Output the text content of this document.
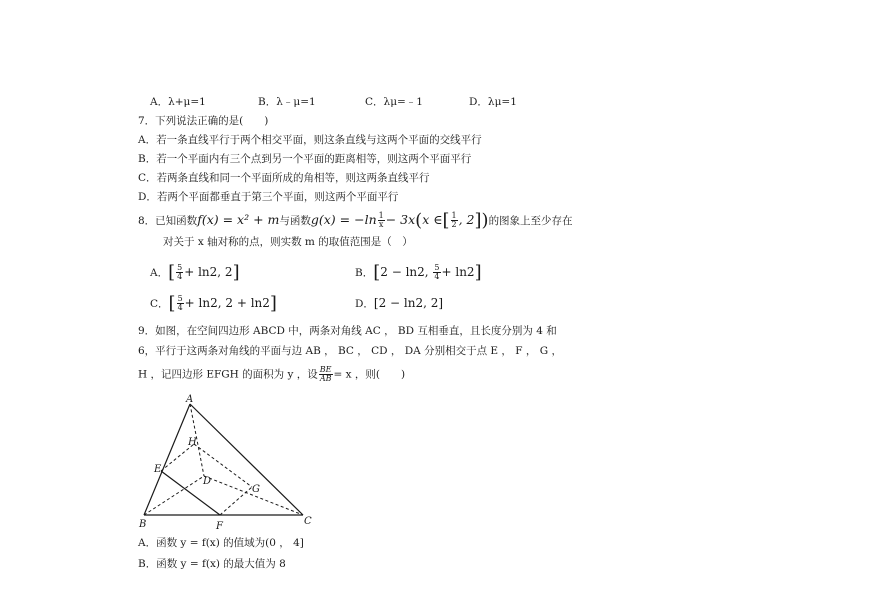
A．λ+μ=1	B．λ﹣μ=1	C．λμ=﹣1	D．λμ=1
7．下列说法正确的是(　　)
A．若一条直线平行于两个相交平面，则这条直线与这两个平面的交线平行
B．若一个平面内有三个点到另一个平面的距离相等，则这两个平面平行
C．若两条直线和同一个平面所成的角相等，则这两条直线平行
D．若两个平面都垂直于第三个平面，则这两个平面平行
8．已知函数f(x) = x² + m与函数$g(x) = -\ln \frac{1}{x} - 3x(x$ ∈[ $\frac{1}{2}$ , 2])的图象上至少存在
对关于 x 轴对称的点，则实数 m 的取值范围是（　）
A．[ $\frac{5}{4} + \ln 2$, 2]	B．[2 − ln2, $\frac{5}{4} + \ln 2$]
C．[ $\frac{5}{4} + \ln 2$, 2 + ln2]	D．[2 − ln2, 2]
9．如图，在空间四边形 ABCD 中，两条对角线 AC ， BD 互相垂直，且长度分别为 4 和
6，平行于这两条对角线的平面与边 AB ， BC ， CD ， DA 分别相交于点 E ， F ， G ，
H ，记四边形 EFGH 的面积为 y ，设 $\frac{BE}{AB} = x$ ，则(　　)
A
B	C
D
E
F
G
H
A．函数 y = f(x) 的值域为(0 ， 4]
B．函数 y = f(x) 的最大值为 8
